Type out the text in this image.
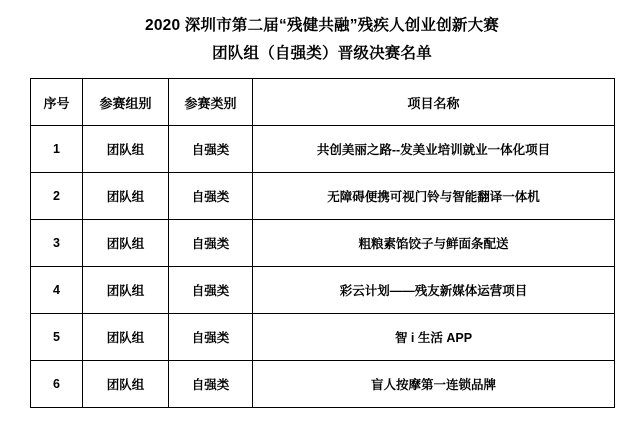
2020 深圳市第二届“残健共融”残疾人创业创新大赛
团队组（自强类）晋级决赛名单
序号	参赛组别	参赛类别	项目名称
1	团队组	自强类	共创美丽之路--发美业培训就业一体化项目
2	团队组	自强类	无障碍便携可视门铃与智能翻译一体机
3	团队组	自强类	粗粮素馅饺子与鲜面条配送
4	团队组	自强类	彩云计划——残友新媒体运营项目
5	团队组	自强类	智 i 生活 APP
6	团队组	自强类	盲人按摩第一连锁品牌
